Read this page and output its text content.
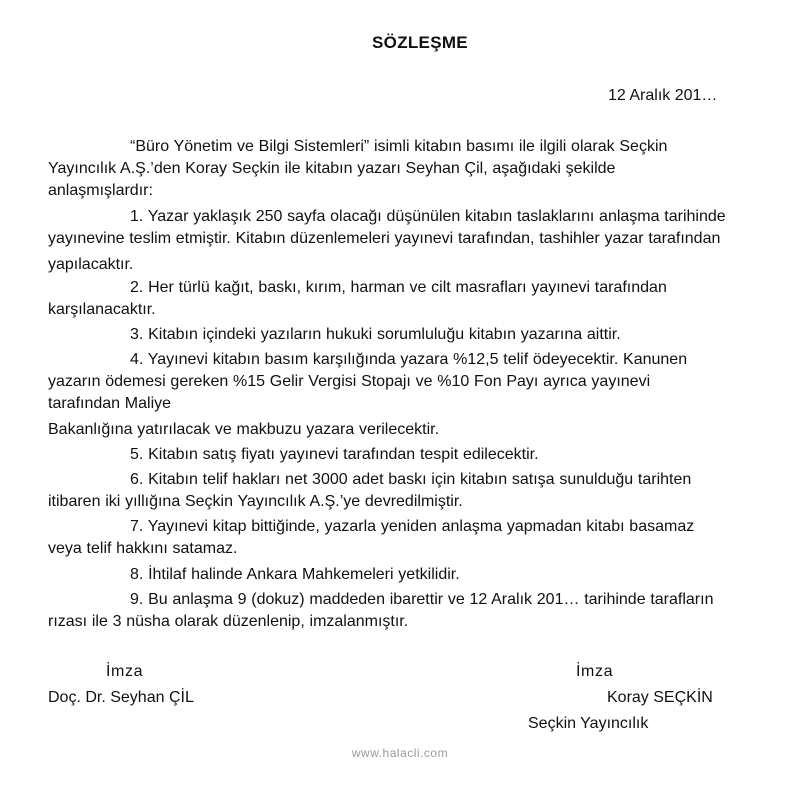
SÖZLEŞME
12 Aralık 201…
“Büro Yönetim ve Bilgi Sistemleri” isimli kitabın basımı ile ilgili olarak Seçkin
Yayıncılık A.Ş.’den Koray Seçkin ile kitabın yazarı Seyhan Çil, aşağıdaki şekilde
anlaşmışlardır:
1. Yazar yaklaşık 250 sayfa olacağı düşünülen kitabın taslaklarını anlaşma tarihinde
yayınevine teslim etmiştir. Kitabın düzenlemeleri yayınevi tarafından, tashihler yazar tarafından
yapılacaktır.
2. Her türlü kağıt, baskı, kırım, harman ve cilt masrafları yayınevi tarafından
karşılanacaktır.
3. Kitabın içindeki yazıların hukuki sorumluluğu kitabın yazarına aittir.
4. Yayınevi kitabın basım karşılığında yazara %12,5 telif ödeyecektir. Kanunen
yazarın ödemesi gereken %15 Gelir Vergisi Stopajı ve %10 Fon Payı ayrıca yayınevi
tarafından Maliye
Bakanlığına yatırılacak ve makbuzu yazara verilecektir.
5. Kitabın satış fiyatı yayınevi tarafından tespit edilecektir.
6. Kitabın telif hakları net 3000 adet baskı için kitabın satışa sunulduğu tarihten
itibaren iki yıllığına Seçkin Yayıncılık A.Ş.’ye devredilmiştir.
7. Yayınevi kitap bittiğinde, yazarla yeniden anlaşma yapmadan kitabı basamaz
veya telif hakkını satamaz.
8. İhtilaf halinde Ankara Mahkemeleri yetkilidir.
9. Bu anlaşma 9 (dokuz) maddeden ibarettir ve 12 Aralık 201… tarihinde tarafların
rızası ile 3 nüsha olarak düzenlenip, imzalanmıştır.
İmza
Doç. Dr. Seyhan ÇİL
İmza
Koray SEÇKİN
Seçkin Yayıncılık
www.halacli.com
